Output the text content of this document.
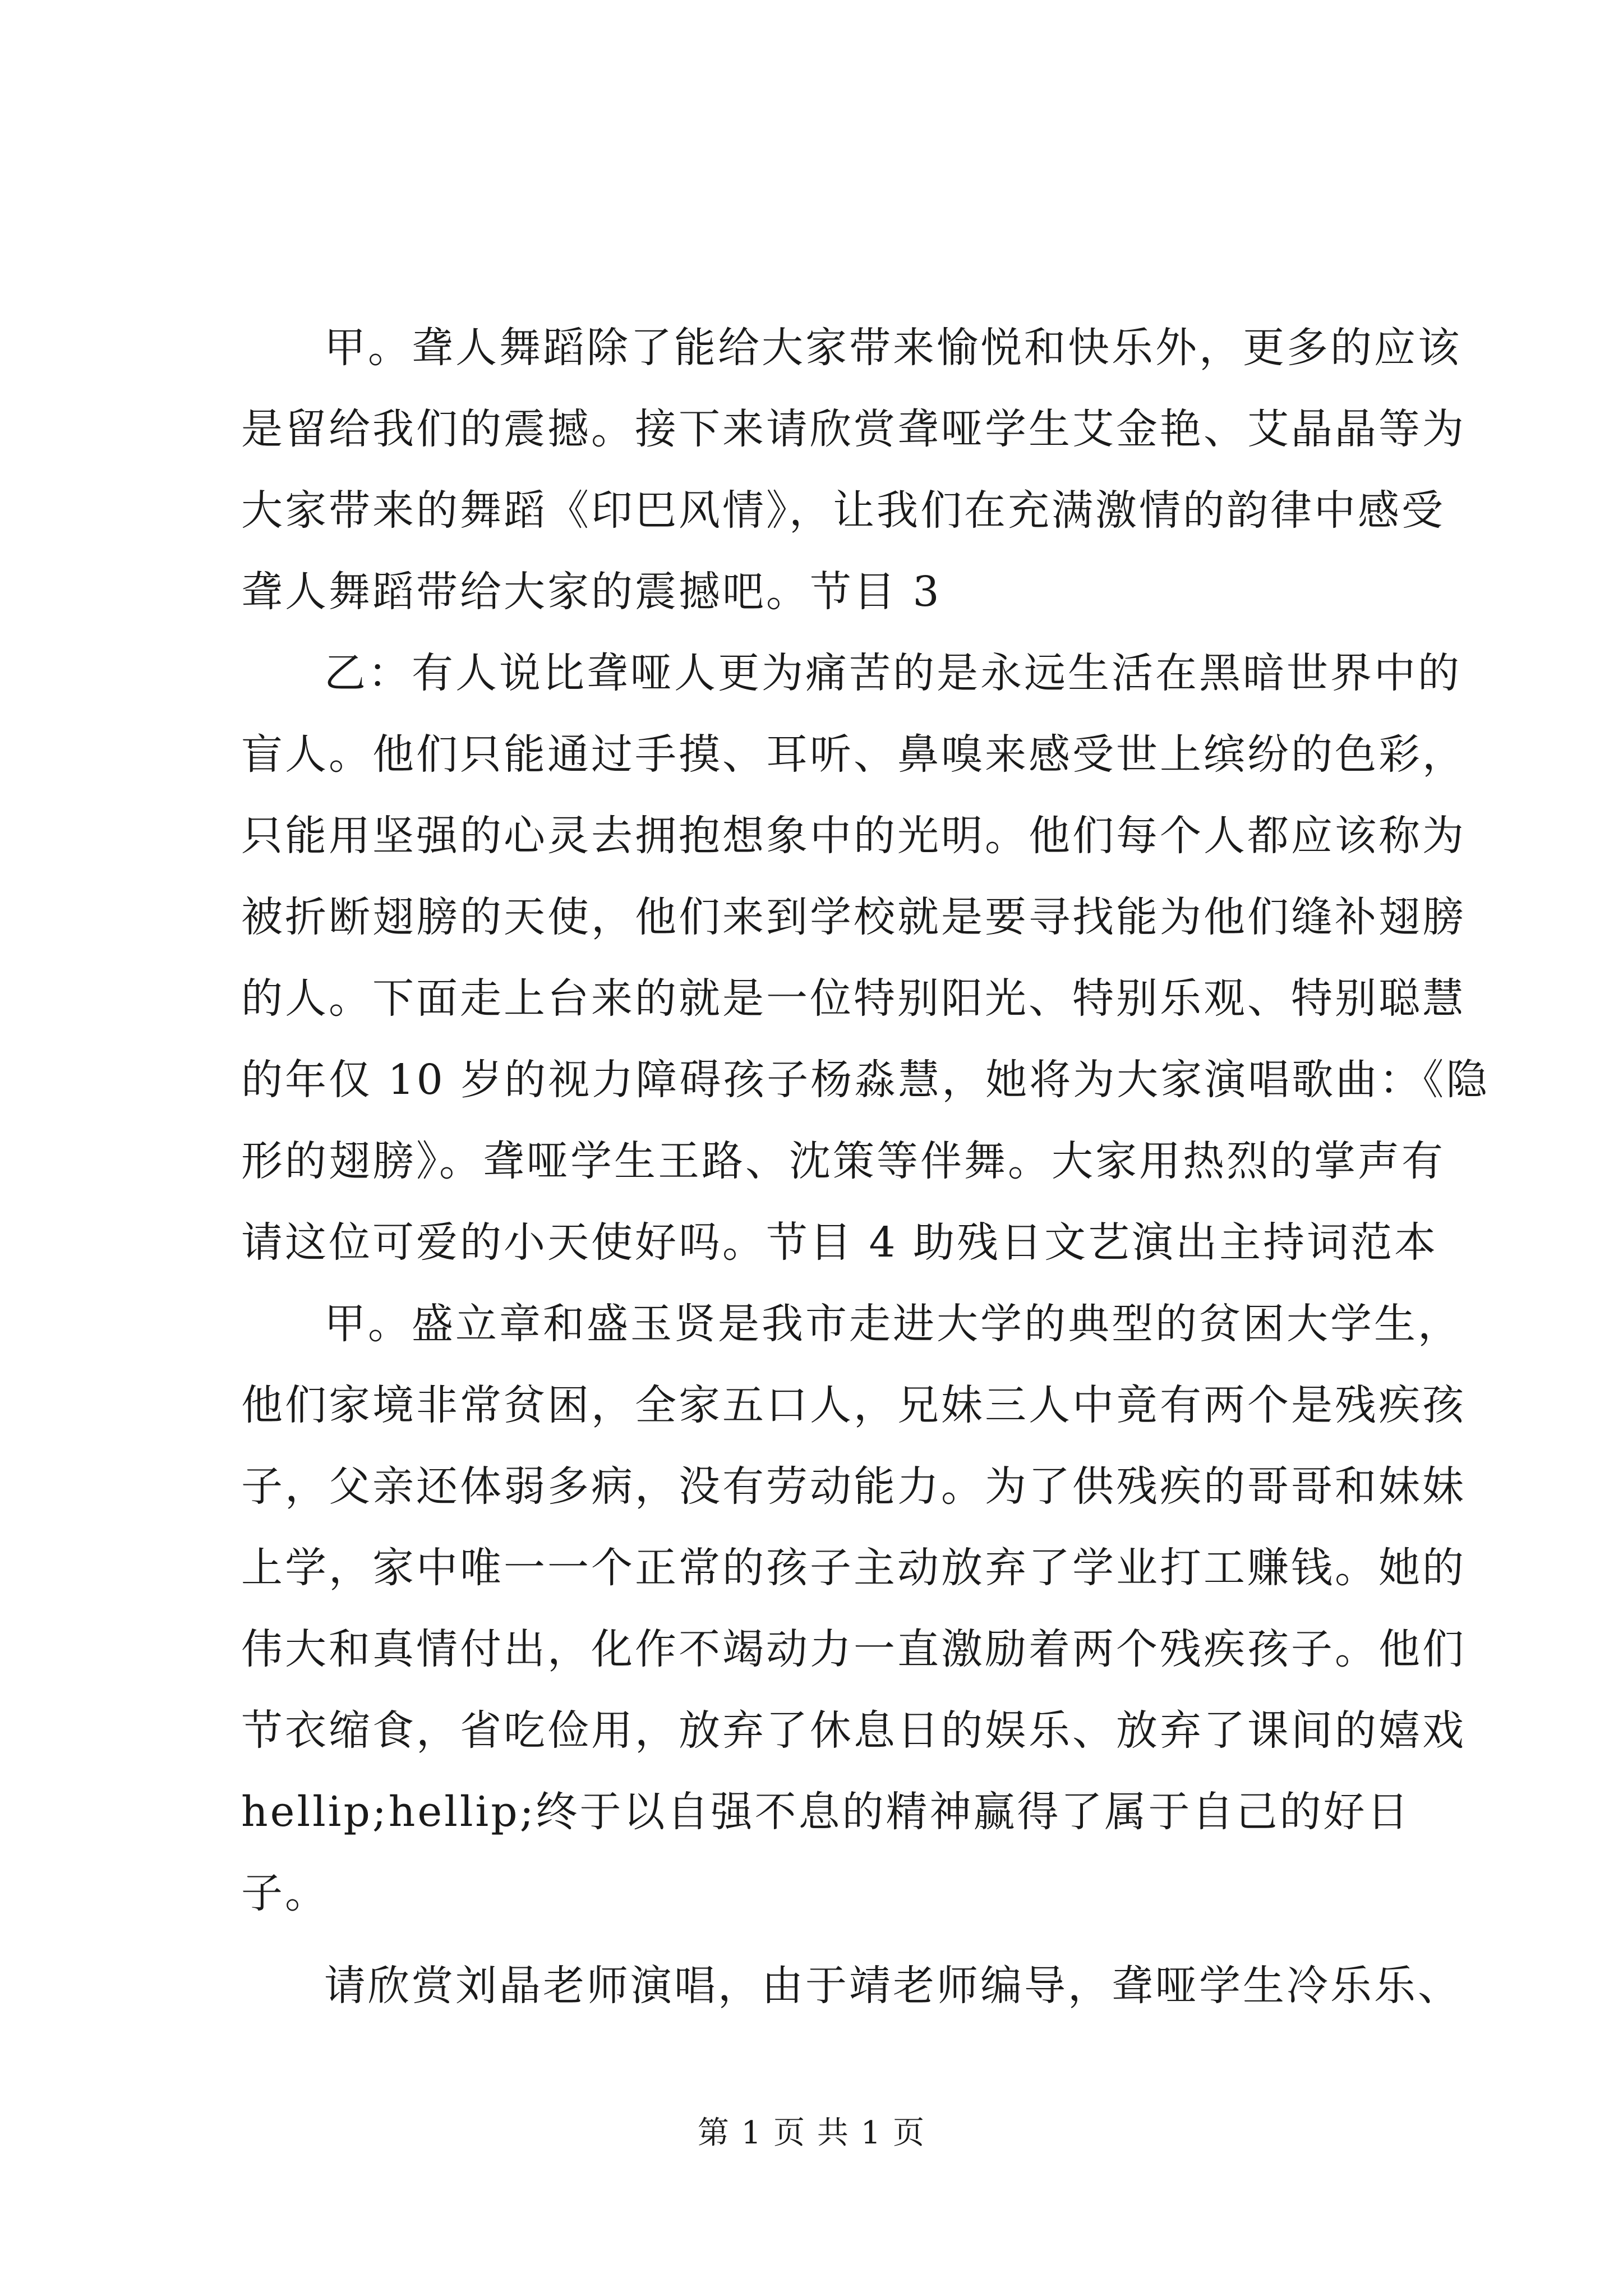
甲。聋人舞蹈除了能给大家带来愉悦和快乐外，更多的应该
是留给我们的震撼。接下来请欣赏聋哑学生艾金艳、艾晶晶等为
大家带来的舞蹈《印巴风情》，让我们在充满激情的韵律中感受
聋人舞蹈带给大家的震撼吧。节目 3
乙：有人说比聋哑人更为痛苦的是永远生活在黑暗世界中的
盲人。他们只能通过手摸、耳听、鼻嗅来感受世上缤纷的色彩，
只能用坚强的心灵去拥抱想象中的光明。他们每个人都应该称为
被折断翅膀的天使，他们来到学校就是要寻找能为他们缝补翅膀
的人。下面走上台来的就是一位特别阳光、特别乐观、特别聪慧
的年仅 10 岁的视力障碍孩子杨淼慧，她将为大家演唱歌曲：《隐
形的翅膀》。聋哑学生王路、沈策等伴舞。大家用热烈的掌声有
请这位可爱的小天使好吗。节目 4 助残日文艺演出主持词范本
甲。盛立章和盛玉贤是我市走进大学的典型的贫困大学生，
他们家境非常贫困，全家五口人，兄妹三人中竟有两个是残疾孩
子，父亲还体弱多病，没有劳动能力。为了供残疾的哥哥和妹妹
上学，家中唯一一个正常的孩子主动放弃了学业打工赚钱。她的
伟大和真情付出，化作不竭动力一直激励着两个残疾孩子。他们
节衣缩食，省吃俭用，放弃了休息日的娱乐、放弃了课间的嬉戏
hellip;hellip;终于以自强不息的精神赢得了属于自己的好日
子。
请欣赏刘晶老师演唱，由于靖老师编导，聋哑学生冷乐乐、
第 1 页 共 1 页
